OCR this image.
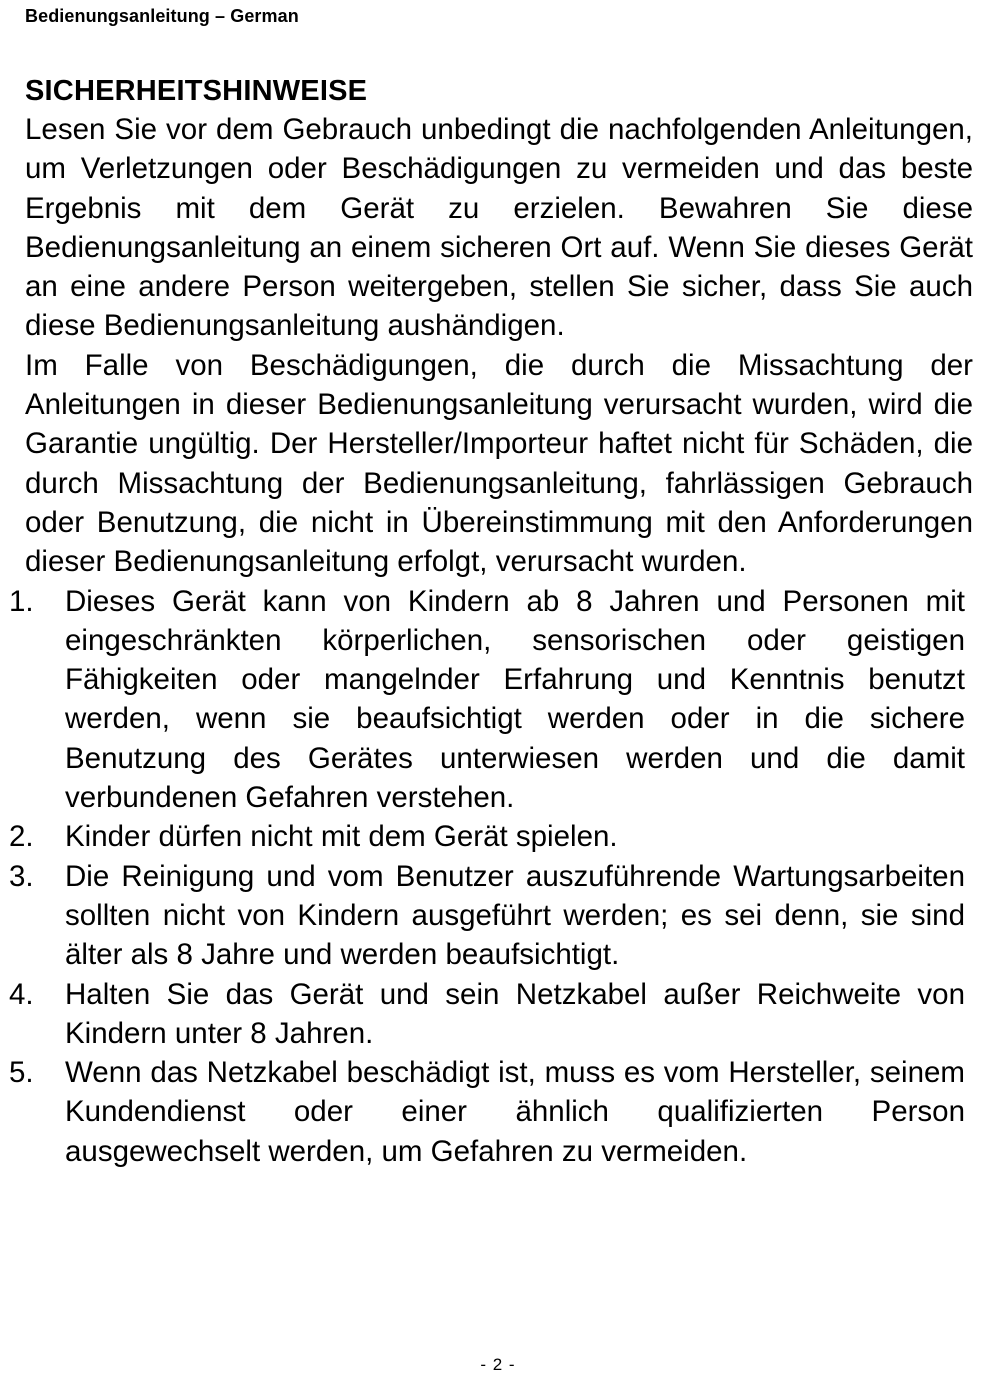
Bedienungsanleitung – German
SICHERHEITSHINWEISE

Lesen Sie vor dem Gebrauch unbedingt die nachfolgenden Anleitungen, um Verletzungen oder Beschädigungen zu vermeiden und das beste Ergebnis mit dem Gerät zu erzielen. Bewahren Sie diese Bedienungsanleitung an einem sicheren Ort auf. Wenn Sie dieses Gerät an eine andere Person weitergeben, stellen Sie sicher, dass Sie auch diese Bedienungsanleitung aushändigen.

Im Falle von Beschädigungen, die durch die Missachtung der Anleitungen in dieser Bedienungsanleitung verursacht wurden, wird die Garantie ungültig. Der Hersteller/Importeur haftet nicht für Schäden, die durch Missachtung der Bedienungsanleitung, fahrlässigen Gebrauch oder Benutzung, die nicht in Übereinstimmung mit den Anforderungen dieser Bedienungsanleitung erfolgt, verursacht wurden.

1.	Dieses Gerät kann von Kindern ab 8 Jahren und Personen mit eingeschränkten körperlichen, sensorischen oder geistigen Fähigkeiten oder mangelnder Erfahrung und Kenntnis benutzt werden, wenn sie beaufsichtigt werden oder in die sichere Benutzung des Gerätes unterwiesen werden und die damit verbundenen Gefahren verstehen.
2.	Kinder dürfen nicht mit dem Gerät spielen.
3.	Die Reinigung und vom Benutzer auszuführende Wartungsarbeiten sollten nicht von Kindern ausgeführt werden; es sei denn, sie sind älter als 8 Jahre und werden beaufsichtigt.
4.	Halten Sie das Gerät und sein Netzkabel außer Reichweite von Kindern unter 8 Jahren.
5.	Wenn das Netzkabel beschädigt ist, muss es vom Hersteller, seinem Kundendienst oder einer ähnlich qualifizierten Person ausgewechselt werden, um Gefahren zu vermeiden.
- 2 -
